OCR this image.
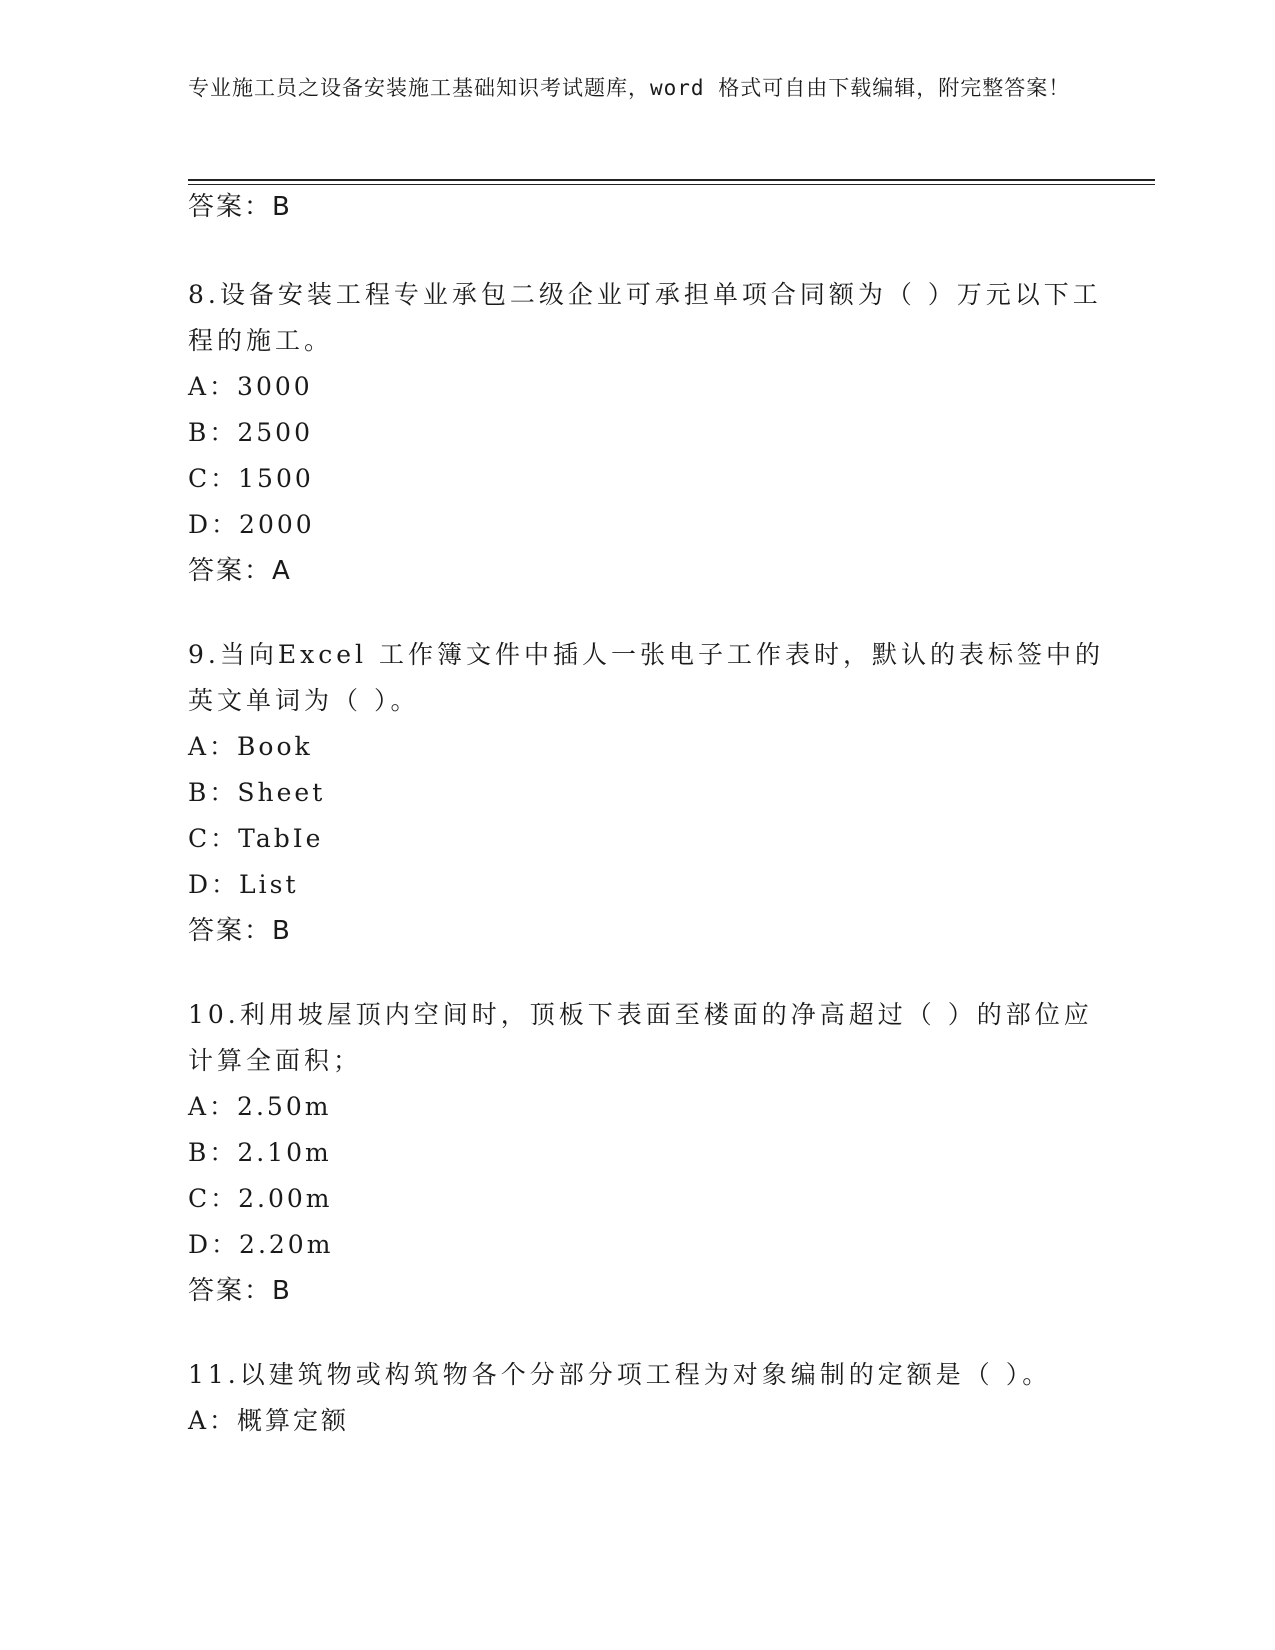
专业施工员之设备安装施工基础知识考试题库，word 格式可自由下载编辑，附完整答案！
答案：B
8.设备安装工程专业承包二级企业可承担单项合同额为（ ）万元以下工程的施工。
A：3000
B：2500
C：1500
D：2000
答案：A
9.当向Excel 工作簿文件中插人一张电子工作表时，默认的表标签中的英文单词为（ ）。
A：Book
B：Sheet
C：TabIe
D：List
答案：B
10.利用坡屋顶内空间时，顶板下表面至楼面的净高超过（ ）的部位应计算全面积；
A：2.50m
B：2.10m
C：2.00m
D：2.20m
答案：B
11.以建筑物或构筑物各个分部分项工程为对象编制的定额是（ ）。
A：概算定额
